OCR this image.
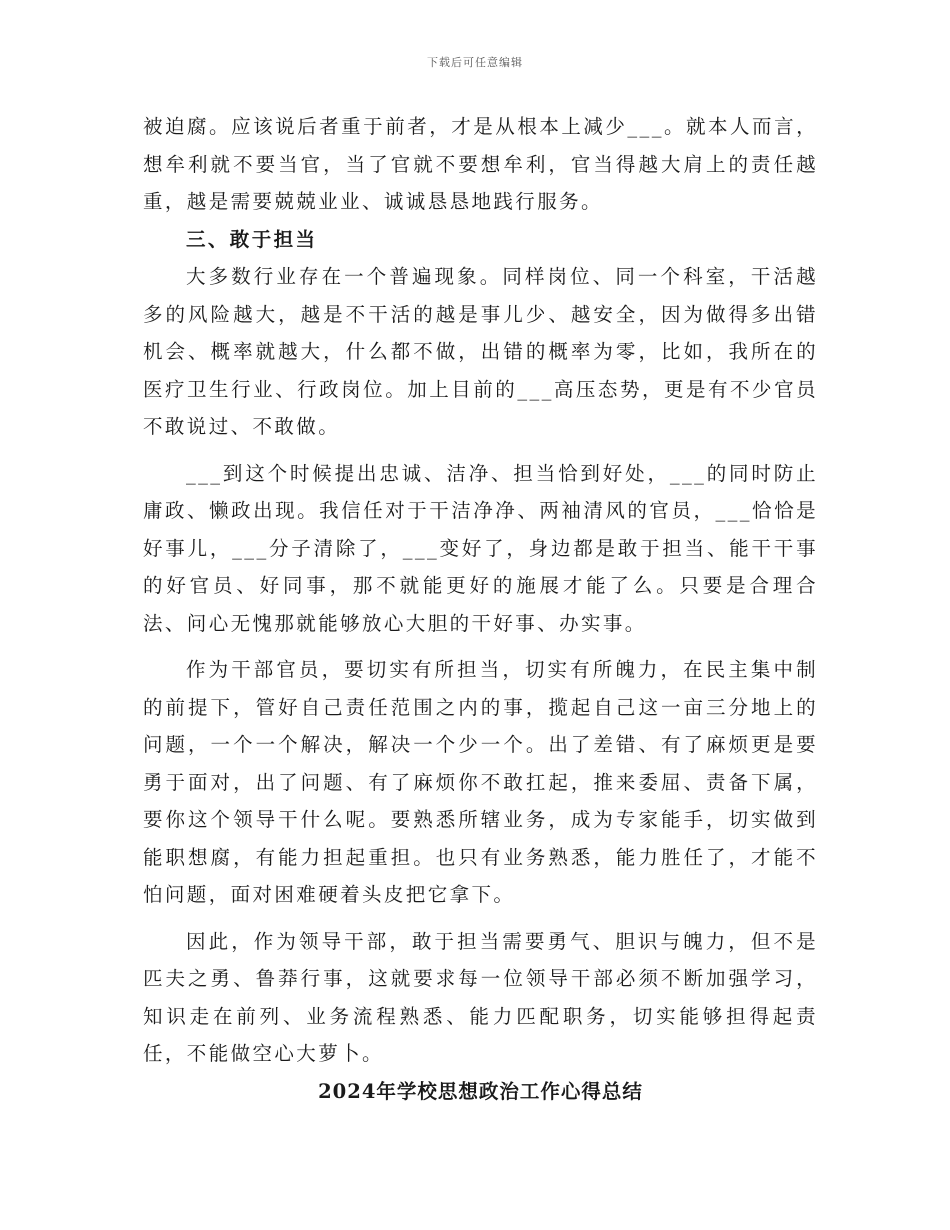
下载后可任意编辑

被迫腐。应该说后者重于前者，才是从根本上减少___。就本人而言，想牟利就不要当官，当了官就不要想牟利，官当得越大肩上的责任越重，越是需要兢兢业业、诚诚恳恳地践行服务。

三、敢于担当

大多数行业存在一个普遍现象。同样岗位、同一个科室，干活越多的风险越大，越是不干活的越是事儿少、越安全，因为做得多出错机会、概率就越大，什么都不做，出错的概率为零，比如，我所在的医疗卫生行业、行政岗位。加上目前的___高压态势，更是有不少官员不敢说过、不敢做。

___到这个时候提出忠诚、洁净、担当恰到好处，___的同时防止庸政、懒政出现。我信任对于干洁净净、两袖清风的官员，___恰恰是好事儿，___分子清除了，___变好了，身边都是敢于担当、能干干事的好官员、好同事，那不就能更好的施展才能了么。只要是合理合法、问心无愧那就能够放心大胆的干好事、办实事。

作为干部官员，要切实有所担当，切实有所魄力，在民主集中制的前提下，管好自己责任范围之内的事，揽起自己这一亩三分地上的问题，一个一个解决，解决一个少一个。出了差错、有了麻烦更是要勇于面对，出了问题、有了麻烦你不敢扛起，推来委屈、责备下属，要你这个领导干什么呢。要熟悉所辖业务，成为专家能手，切实做到能职想腐，有能力担起重担。也只有业务熟悉，能力胜任了，才能不怕问题，面对困难硬着头皮把它拿下。

因此，作为领导干部，敢于担当需要勇气、胆识与魄力，但不是匹夫之勇、鲁莽行事，这就要求每一位领导干部必须不断加强学习，知识走在前列、业务流程熟悉、能力匹配职务，切实能够担得起责任，不能做空心大萝卜。

2024年学校思想政治工作心得总结
